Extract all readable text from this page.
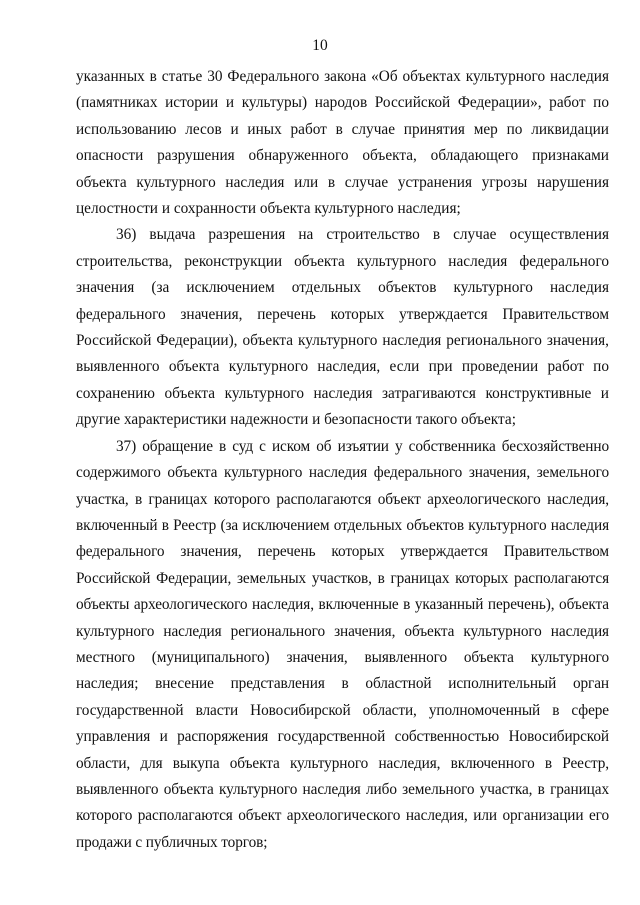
10

указанных в статье 30 Федерального закона «Об объектах культурного наследия (памятниках истории и культуры) народов Российской Федерации», работ по использованию лесов и иных работ в случае принятия мер по ликвидации опасности разрушения обнаруженного объекта, обладающего признаками объекта культурного наследия или в случае устранения угрозы нарушения целостности и сохранности объекта культурного наследия;

36) выдача разрешения на строительство в случае осуществления строительства, реконструкции объекта культурного наследия федерального значения (за исключением отдельных объектов культурного наследия федерального значения, перечень которых утверждается Правительством Российской Федерации), объекта культурного наследия регионального значения, выявленного объекта культурного наследия, если при проведении работ по сохранению объекта культурного наследия затрагиваются конструктивные и другие характеристики надежности и безопасности такого объекта;

37) обращение в суд с иском об изъятии у собственника бесхозяйственно содержимого объекта культурного наследия федерального значения, земельного участка, в границах которого располагаются объект археологического наследия, включенный в Реестр (за исключением отдельных объектов культурного наследия федерального значения, перечень которых утверждается Правительством Российской Федерации, земельных участков, в границах которых располагаются объекты археологического наследия, включенные в указанный перечень), объекта культурного наследия регионального значения, объекта культурного наследия местного (муниципального) значения, выявленного объекта культурного наследия; внесение представления в областной исполнительный орган государственной власти Новосибирской области, уполномоченный в сфере управления и распоряжения государственной собственностью Новосибирской области, для выкупа объекта культурного наследия, включенного в Реестр, выявленного объекта культурного наследия либо земельного участка, в границах которого располагаются объект археологического наследия, или организации его продажи с публичных торгов;
